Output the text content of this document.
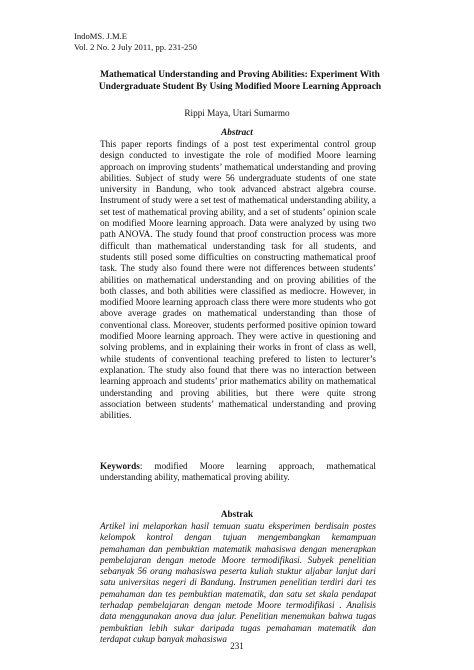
IndoMS. J.M.E
Vol. 2 No. 2 July 2011, pp. 231-250
Mathematical Understanding and Proving Abilities: Experiment With Undergraduate Student By Using Modified Moore Learning Approach
Rippi Maya, Utari Sumarmo
Abstract

This paper reports findings of a post test experimental control group design conducted to investigate the role of modified Moore learning approach on improving students’ mathematical understanding and proving abilities. Subject of study were 56 undergraduate students of one state university in Bandung, who took advanced abstract algebra course. Instrument of study were a set test of mathematical understanding ability, a set test of mathematical proving ability, and a set of students’ opinion scale on modified Moore learning approach. Data were analyzed by using two path ANOVA. The study found that proof construction process was more difficult than mathematical understanding task for all students, and students still posed some difficulties on constructing mathematical proof task. The study also found there were not differences between students’ abilities on mathematical understanding and on proving abilities of the both classes, and both abilities were classified as mediocre. However, in modified Moore learning approach class there were more students who got above average grades on mathematical understanding than those of conventional class. Moreover, students performed positive opinion toward modified Moore learning approach. They were active in questioning and solving problems, and in explaining their works in front of class as well, while students of conventional teaching prefered to listen to lecturer’s explanation. The study also found that there was no interaction between learning approach and students’ prior mathematics ability on mathematical understanding and proving abilities, but there were quite strong association between students’ mathematical understanding and proving abilities.

Keywords: modified Moore learning approach, mathematical understanding ability, mathematical proving ability.

Abstrak

Artikel ini melaporkan hasil temuan suatu eksperimen berdisain postes kelompok kontrol dengan tujuan mengembangkan kemampuan pemahaman dan pembuktian matematik mahasiswa dengan menerapkan pembelajaran dengan metode Moore termodifikasi. Subyek penelitian sebanyak 56 orang mahasiswa peserta kuliah stuktur aljabar lanjut dari satu universitas negeri di Bandung. Instrumen penelitian terdiri dari tes pemahaman dan tes pembuktian matematik, dan satu set skala pendapat terhadap pembelajaran dengan metode Moore termodifikasi . Analisis data menggunakan anova dua jalur. Penelitian menemukan bahwa tugas pembuktian lebih sukar daripada tugas pemahaman matematik dan terdapat cukup banyak mahasiswa

231
